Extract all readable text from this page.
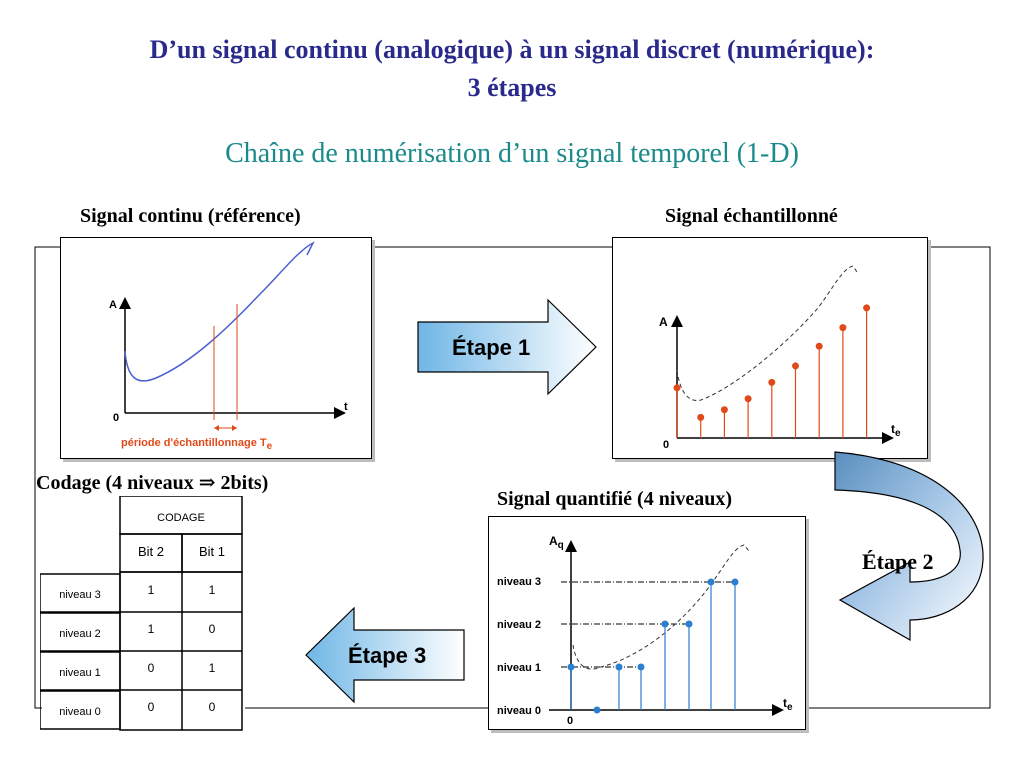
D’un signal continu (analogique) à un signal discret (numérique):
3 étapes
Chaîne de numérisation d’un signal temporel (1-D)
Signal continu (référence)	Signal échantillonné
Codage (4 niveaux ⇒ 2bits)
Signal quantifié (4 niveaux)
A
t
0
période d'échantillonnage Te
A
$t_e$
0
Étape 1
Étape 2
Étape 3
CODAGE
Bit 2	Bit 1
niveau 3	1	1
niveau 2	1	0
niveau 1	0	1
niveau 0	0	0
$A_q$
$t_e$
0
niveau 3
niveau 2
niveau 1
niveau 0
